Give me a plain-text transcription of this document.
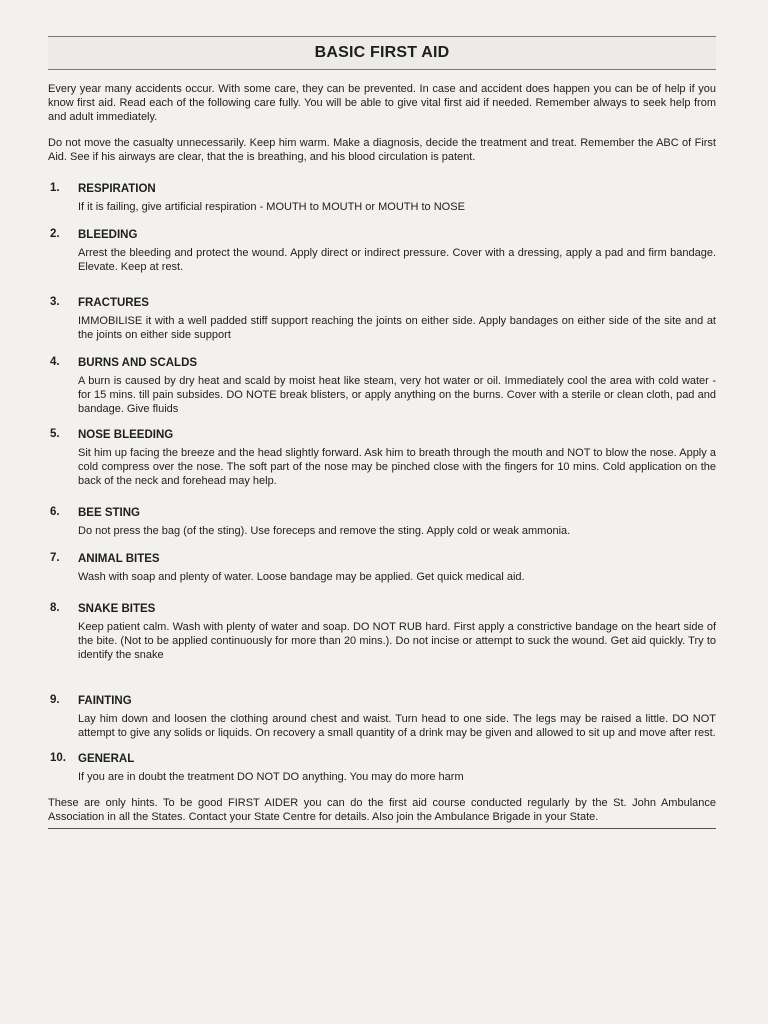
BASIC FIRST AID

Every year many accidents occur. With some care, they can be prevented. In case and accident does happen you can be of help if you know first aid. Read each of the following care fully. You will be able to give vital first aid if needed. Remember always to seek help from and adult immediately.

Do not move the casualty unnecessarily. Keep him warm. Make a diagnosis, decide the treatment and treat. Remember the ABC of First Aid. See if his airways are clear, that the is breathing, and his blood circulation is patent.

1. RESPIRATION
If it is failing, give artificial respiration - MOUTH to MOUTH or MOUTH to NOSE
2. BLEEDING
Arrest the bleeding and protect the wound. Apply direct or indirect pressure. Cover with a dressing, apply a pad and firm bandage. Elevate. Keep at rest.
3. FRACTURES
IMMOBILISE it with a well padded stiff support reaching the joints on either side. Apply bandages on either side of the site and at the joints on either side support
4. BURNS AND SCALDS
A burn is caused by dry heat and scald by moist heat like steam, very hot water or oil. Immediately cool the area with cold water - for 15 mins. till pain subsides. DO NOTE break blisters, or apply anything on the burns. Cover with a sterile or clean cloth, pad and bandage. Give fluids
5. NOSE BLEEDING
Sit him up facing the breeze and the head slightly forward. Ask him to breath through the mouth and NOT to blow the nose. Apply a cold compress over the nose. The soft part of the nose may be pinched close with the fingers for 10 mins. Cold application on the back of the neck and forehead may help.
6. BEE STING
Do not press the bag (of the sting). Use foreceps and remove the sting. Apply cold or weak ammonia.
7. ANIMAL BITES
Wash with soap and plenty of water. Loose bandage may be applied. Get quick medical aid.
8. SNAKE BITES
Keep patient calm. Wash with plenty of water and soap. DO NOT RUB hard. First apply a constrictive bandage on the heart side of the bite. (Not to be applied continuously for more than 20 mins.). Do not incise or attempt to suck the wound. Get aid quickly. Try to identify the snake
9. FAINTING
Lay him down and loosen the clothing around chest and waist. Turn head to one side. The legs may be raised a little. DO NOT attempt to give any solids or liquids. On recovery a small quantity of a drink may be given and allowed to sit up and move after rest.
10. GENERAL
If you are in doubt the treatment DO NOT DO anything. You may do more harm

These are only hints. To be good FIRST AIDER you can do the first aid course conducted regularly by the St. John Ambulance Association in all the States. Contact your State Centre for details. Also join the Ambulance Brigade in your State.
